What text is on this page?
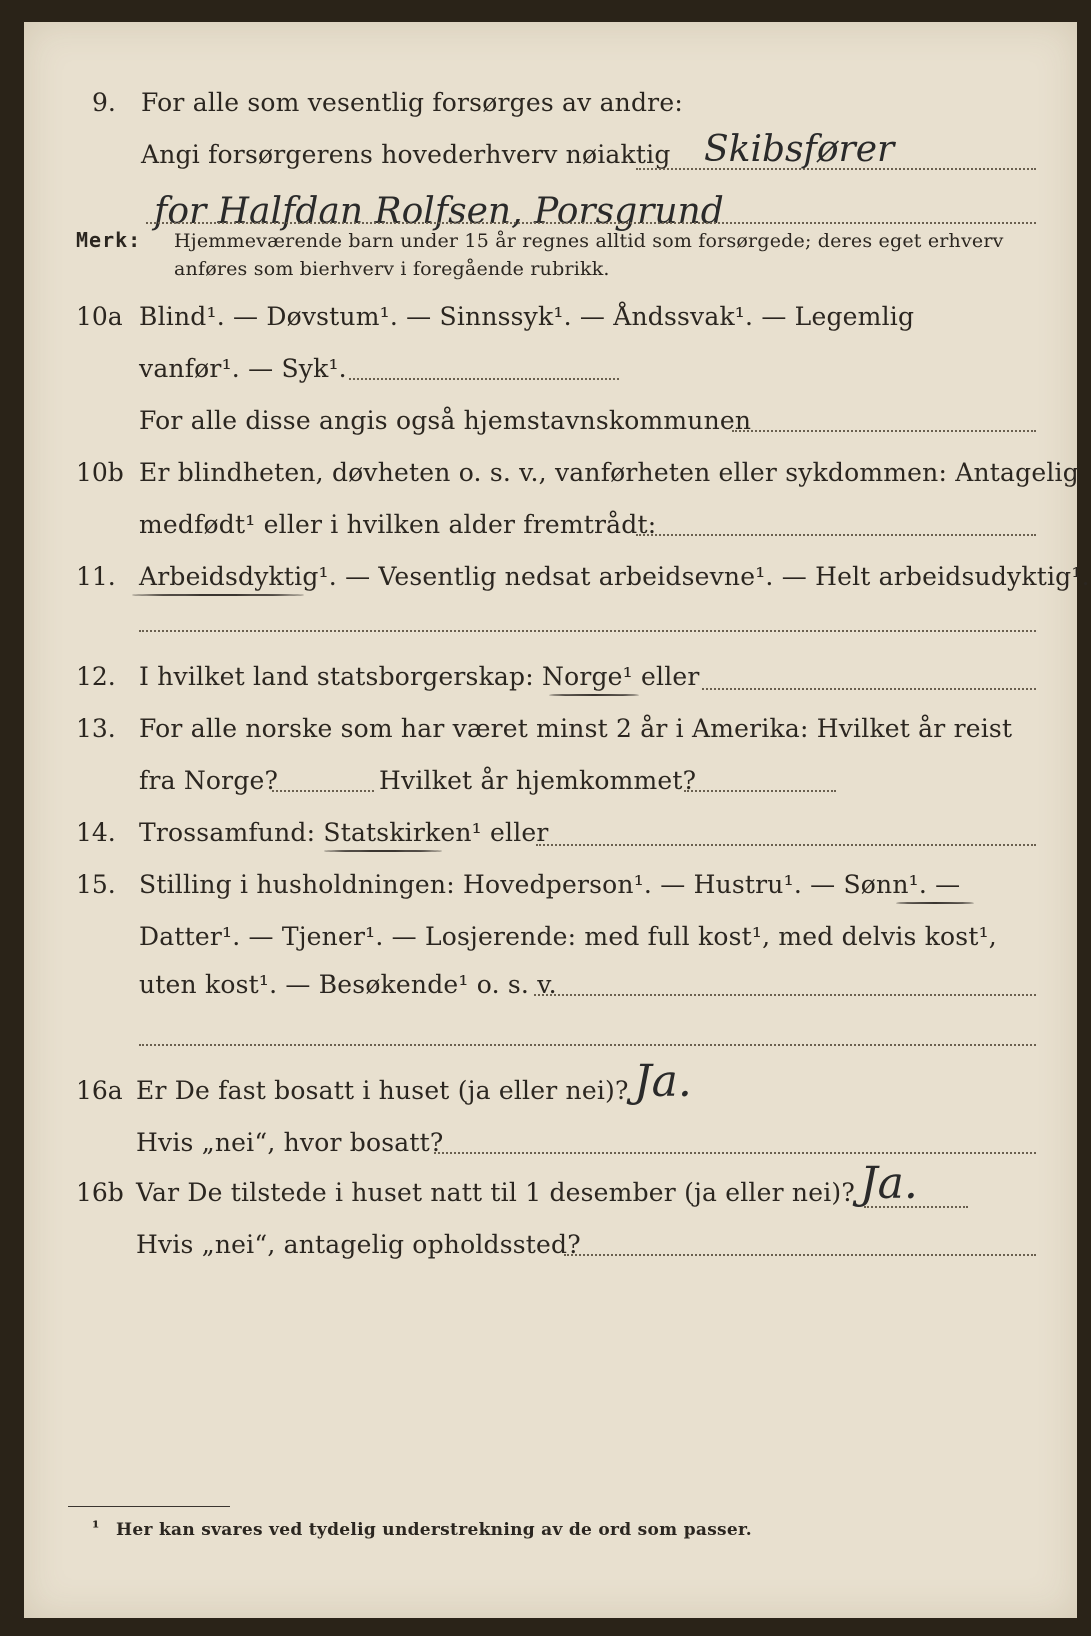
9. For alle som vesentlig forsørges av andre:
Angi forsørgerens hovederhverv nøiaktig Skibsfører
for Halfdan Rolfsen, Porsgrund
Merk: Hjemmeværende barn under 15 år regnes alltid som forsørgede; deres eget erhverv
anføres som bierhverv i foregående rubrikk.
10a Blind¹. — Døvstum¹. — Sinnssyk¹. — Åndssvak¹. — Legemlig
vanfør¹. — Syk¹.
For alle disse angis også hjemstavnskommunen
10b Er blindheten, døvheten o. s. v., vanførheten eller sykdommen: Antagelig
medfødt¹ eller i hvilken alder fremtrådt:
11. Arbeidsdyktig¹. — Vesentlig nedsat arbeidsevne¹. — Helt arbeidsudyktig¹.
12. I hvilket land statsborgerskap: Norge¹ eller
13. For alle norske som har været minst 2 år i Amerika: Hvilket år reist
fra Norge?	Hvilket år hjemkommet?
14. Trossamfund: Statskirken¹ eller
15. Stilling i husholdningen: Hovedperson¹. — Hustru¹. — Sønn¹. —
Datter¹. — Tjener¹. — Losjerende: med full kost¹, med delvis kost¹,
uten kost¹. — Besøkende¹ o. s. v.
16a Er De fast bosatt i huset (ja eller nei)? Ja.
Hvis „nei“, hvor bosatt?
16b Var De tilstede i huset natt til 1 desember (ja eller nei)? Ja.
Hvis „nei“, antagelig opholdssted?
¹ Her kan svares ved tydelig understrekning av de ord som passer.
